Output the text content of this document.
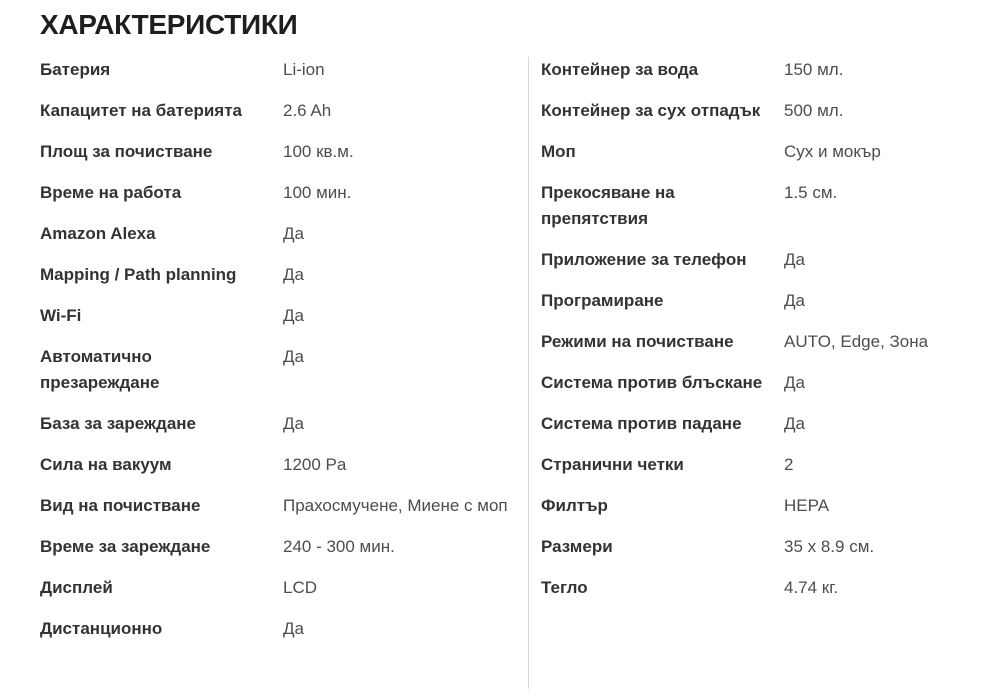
ХАРАКТЕРИСТИКИ
Батерия	Li-ion
Капацитет на батерията	2.6 Ah
Площ за почистване	100 кв.м.
Време на работа	100 мин.
Amazon Alexa	Да
Mapping / Path planning	Да
Wi-Fi	Да
Автоматично презареждане
Да
База за зареждане	Да
Сила на вакуум	1200 Pa
Вид на почистване	Прахосмучене, Миене с моп
Време за зареждане	240 - 300 мин.
Дисплей	LCD
Дистанционно	Да
Контейнер за вода	150 мл.
Контейнер за сух отпадък	500 мл.
Моп	Сух и мокър
Прекосяване на препятствия
1.5 см.
Приложение за телефон	Да
Програмиране	Да
Режими на почистване	AUTO, Edge, Зона
Система против блъскане	Да
Система против падане	Да
Странични четки	2
Филтър	HEPA
Размери	35 x 8.9 см.
Тегло	4.74 кг.
